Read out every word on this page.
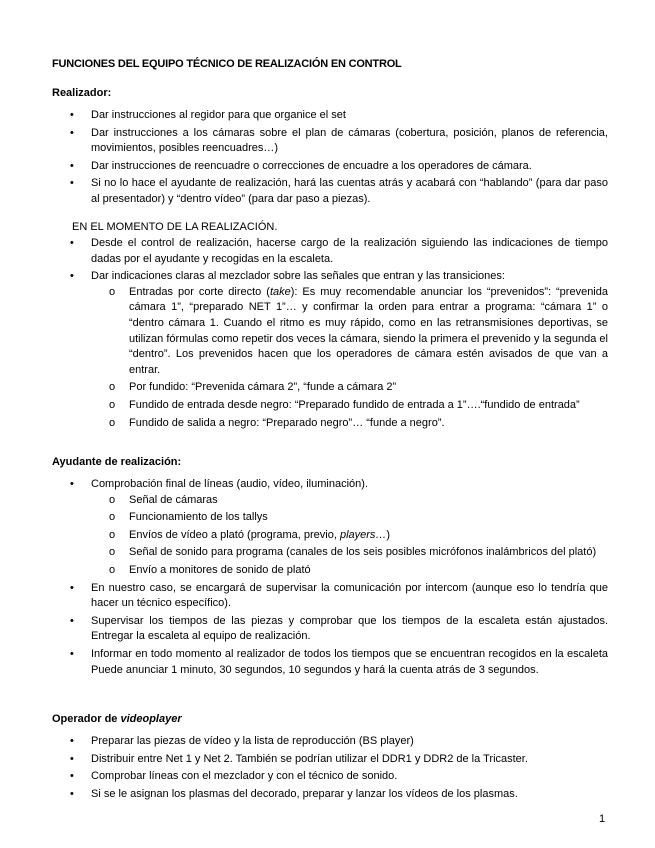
FUNCIONES DEL EQUIPO TÉCNICO DE REALIZACIÓN EN CONTROL
Realizador:
• Dar instrucciones al regidor para que organice el set
• Dar instrucciones a los cámaras sobre el plan de cámaras (cobertura, posición, planos de referencia, movimientos, posibles reencuadres…)
• Dar instrucciones de reencuadre o correcciones de encuadre a los operadores de cámara.
• Si no lo hace el ayudante de realización, hará las cuentas atrás y acabará con “hablando” (para dar paso al presentador) y “dentro vídeo” (para dar paso a piezas).
EN EL MOMENTO DE LA REALIZACIÓN.
• Desde el control de realización, hacerse cargo de la realización siguiendo las indicaciones de tiempo dadas por el ayudante y recogidas en la escaleta.
• Dar indicaciones claras al mezclador sobre las señales que entran y las transiciones:
o Entradas por corte directo (take): Es muy recomendable anunciar los “prevenidos”: “prevenida cámara 1”, “preparado NET 1”… y confirmar la orden para entrar a programa: “cámara 1” o “dentro cámara 1. Cuando el ritmo es muy rápido, como en las retransmisiones deportivas, se utilizan fórmulas como repetir dos veces la cámara, siendo la primera el prevenido y la segunda el “dentro”. Los prevenidos hacen que los operadores de cámara estén avisados de que van a entrar.
o Por fundido: “Prevenida cámara 2”, “funde a cámara 2”
o Fundido de entrada desde negro: “Preparado fundido de entrada a 1”….“fundido de entrada”
o Fundido de salida a negro: “Preparado negro”… “funde a negro”.
Ayudante de realización:
• Comprobación final de líneas (audio, vídeo, iluminación).
o Señal de cámaras
o Funcionamiento de los tallys
o Envíos de vídeo a plató (programa, previo, players…)
o Señal de sonido para programa (canales de los seis posibles micrófonos inalámbricos del plató)
o Envío a monitores de sonido de plató
• En nuestro caso, se encargará de supervisar la comunicación por intercom (aunque eso lo tendría que hacer un técnico específico).
• Supervisar los tiempos de las piezas y comprobar que los tiempos de la escaleta están ajustados. Entregar la escaleta al equipo de realización.
• Informar en todo momento al realizador de todos los tiempos que se encuentran recogidos en la escaleta Puede anunciar 1 minuto, 30 segundos, 10 segundos y hará la cuenta atrás de 3 segundos.
Operador de videoplayer
• Preparar las piezas de vídeo y la lista de reproducción (BS player)
• Distribuir entre Net 1 y Net 2. También se podrían utilizar el DDR1 y DDR2 de la Tricaster.
• Comprobar líneas con el mezclador y con el técnico de sonido.
• Si se le asignan los plasmas del decorado, preparar y lanzar los vídeos de los plasmas.
1
